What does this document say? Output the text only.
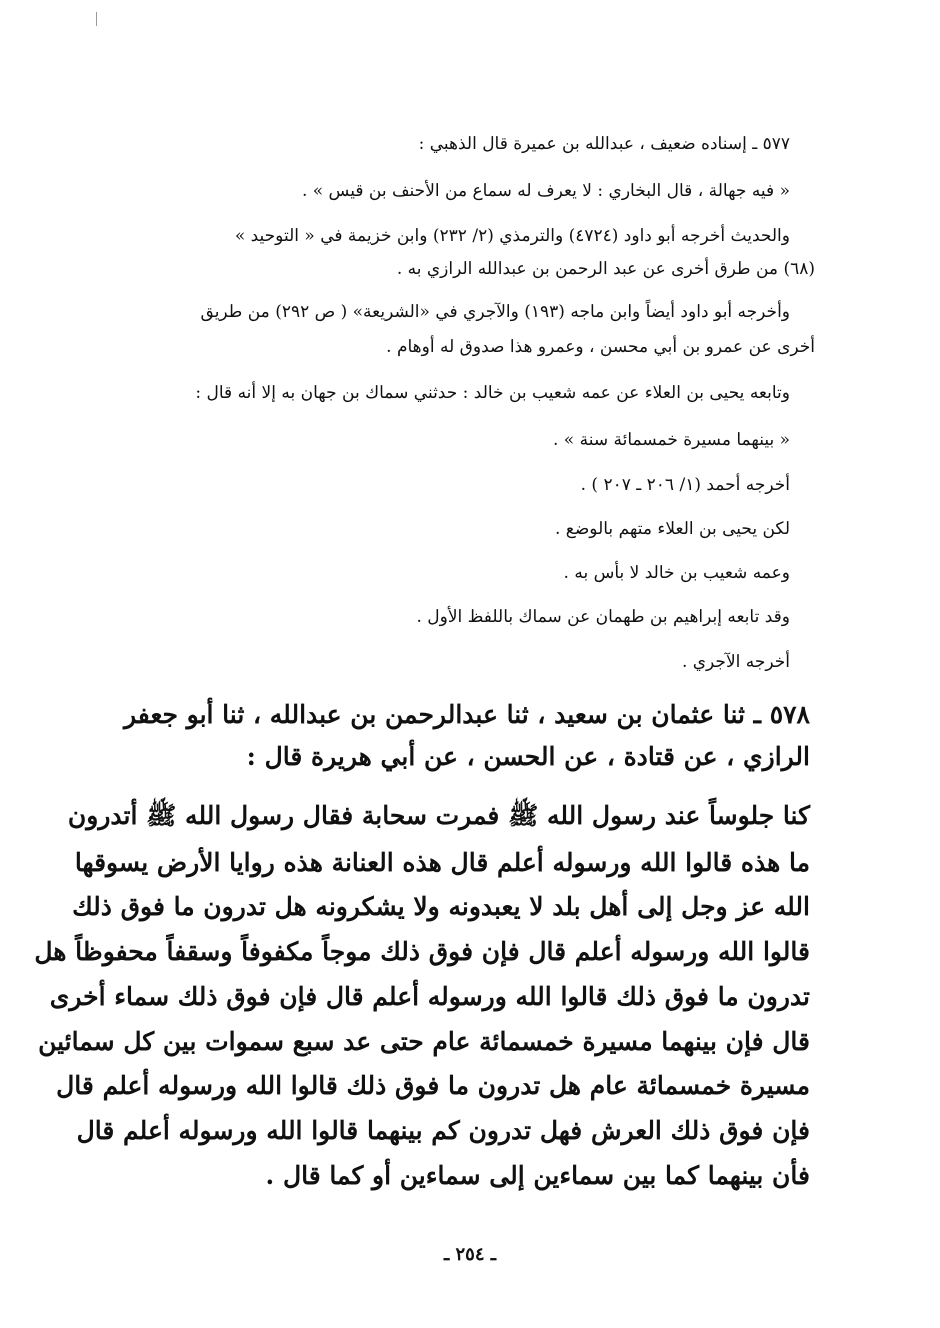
٥٧٧ ـ إسناده ضعيف ، عبدالله بن عميرة قال الذهبي :
« فيه جهالة ، قال البخاري : لا يعرف له سماع من الأحنف بن قيس » .
والحديث أخرجه أبو داود (٤٧٢٤) والترمذي (٢/ ٢٣٢) وابن خزيمة في « التوحيد »
(٦٨) من طرق أخرى عن عبد الرحمن بن عبدالله الرازي به .
وأخرجه أبو داود أيضاً وابن ماجه (١٩٣) والآجري في «الشريعة» ( ص ٢٩٢) من طريق
أخرى عن عمرو بن أبي محسن ، وعمرو هذا صدوق له أوهام .
وتابعه يحيى بن العلاء عن عمه شعيب بن خالد : حدثني سماك بن جهان به إلا أنه قال :
« بينهما مسيرة خمسمائة سنة » .
أخرجه أحمد (١/ ٢٠٦ ـ ٢٠٧ ) .
لكن يحيى بن العلاء متهم بالوضع .
وعمه شعيب بن خالد لا بأس به .
وقد تابعه إبراهيم بن طهمان عن سماك باللفظ الأول .
أخرجه الآجري .
٥٧٨ ـ ثنا عثمان بن سعيد ، ثنا عبدالرحمن بن عبدالله ، ثنا أبو جعفر
الرازي ، عن قتادة ، عن الحسن ، عن أبي هريرة قال :
كنا جلوساً عند رسول الله ﷺ فمرت سحابة فقال رسول الله ﷺ أتدرون
ما هذه قالوا الله ورسوله أعلم قال هذه العنانة هذه روايا الأرض يسوقها
الله عز وجل إلى أهل بلد لا يعبدونه ولا يشكرونه هل تدرون ما فوق ذلك
قالوا الله ورسوله أعلم قال فإن فوق ذلك موجاً مكفوفاً وسقفاً محفوظاً هل
تدرون ما فوق ذلك قالوا الله ورسوله أعلم قال فإن فوق ذلك سماء أخرى
قال فإن بينهما مسيرة خمسمائة عام حتى عد سبع سموات بين كل سمائين
مسيرة خمسمائة عام هل تدرون ما فوق ذلك قالوا الله ورسوله أعلم قال
فإن فوق ذلك العرش فهل تدرون كم بينهما قالوا الله ورسوله أعلم قال
فأن بينهما كما بين سماءين إلى سماءين أو كما قال .
ـ ٢٥٤ ـ
